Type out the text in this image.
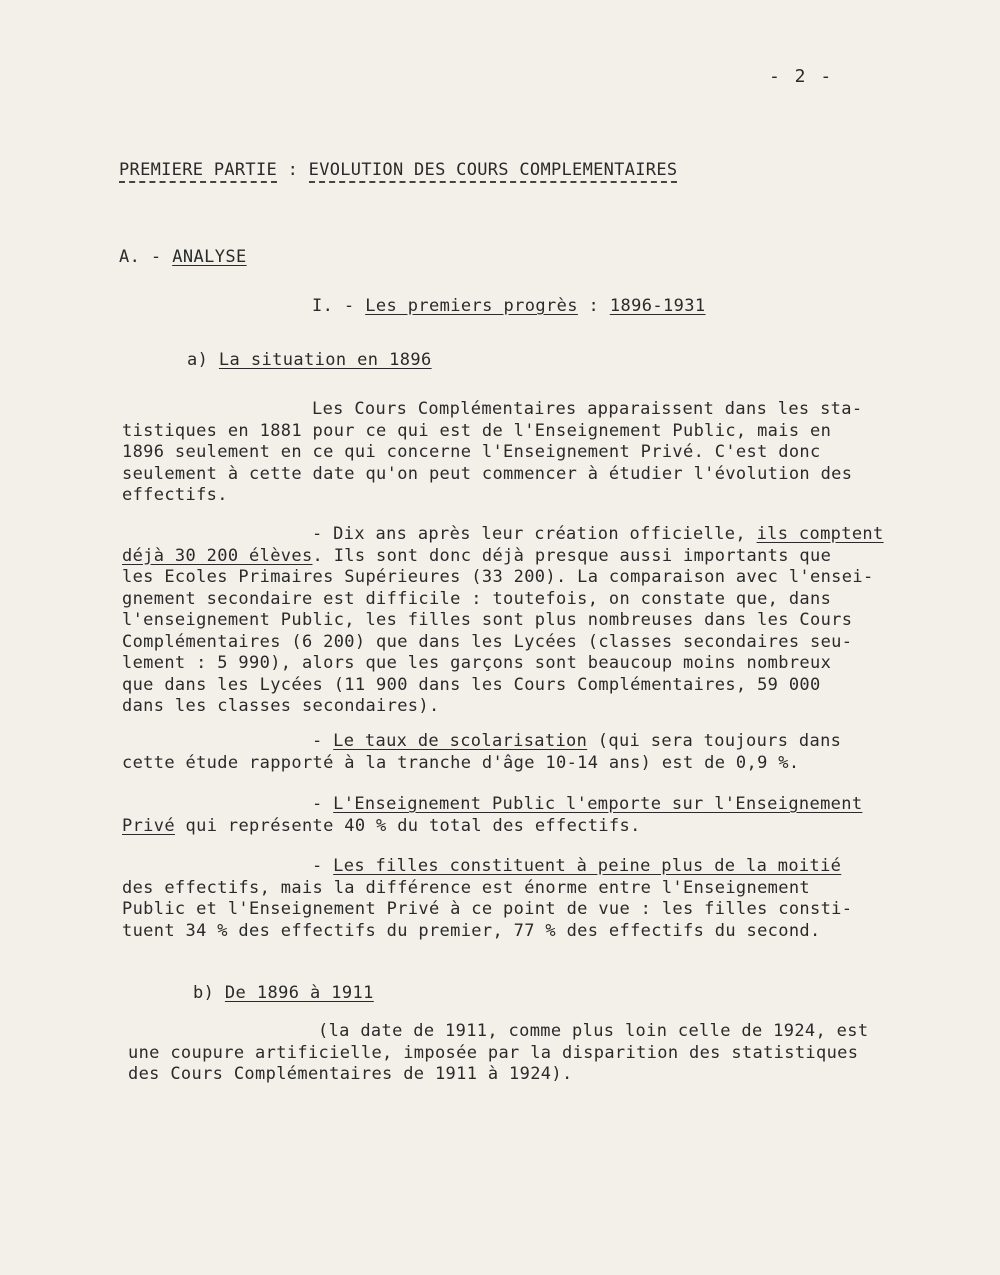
- 2 -
PREMIERE PARTIE : EVOLUTION DES COURS COMPLEMENTAIRES
A. - ANALYSE
I. - Les premiers progrès : 1896-1931
a) La situation en 1896
Les Cours Complémentaires apparaissent dans les sta-
tistiques en 1881 pour ce qui est de l'Enseignement Public, mais en
1896 seulement en ce qui concerne l'Enseignement Privé. C'est donc
seulement à cette date qu'on peut commencer à étudier l'évolution des
effectifs.
- Dix ans après leur création officielle, ils comptent
déjà 30 200 élèves. Ils sont donc déjà presque aussi importants que
les Ecoles Primaires Supérieures (33 200). La comparaison avec l'ensei-
gnement secondaire est difficile : toutefois, on constate que, dans
l'enseignement Public, les filles sont plus nombreuses dans les Cours
Complémentaires (6 200) que dans les Lycées (classes secondaires seu-
lement : 5 990), alors que les garçons sont beaucoup moins nombreux
que dans les Lycées (11 900 dans les Cours Complémentaires, 59 000
dans les classes secondaires).
- Le taux de scolarisation (qui sera toujours dans
cette étude rapporté à la tranche d'âge 10-14 ans) est de 0,9 %.
- L'Enseignement Public l'emporte sur l'Enseignement
Privé qui représente 40 % du total des effectifs.
- Les filles constituent à peine plus de la moitié
des effectifs, mais la différence est énorme entre l'Enseignement
Public et l'Enseignement Privé à ce point de vue : les filles consti-
tuent 34 % des effectifs du premier, 77 % des effectifs du second.
b) De 1896 à 1911
(la date de 1911, comme plus loin celle de 1924, est
une coupure artificielle, imposée par la disparition des statistiques
des Cours Complémentaires de 1911 à 1924).
